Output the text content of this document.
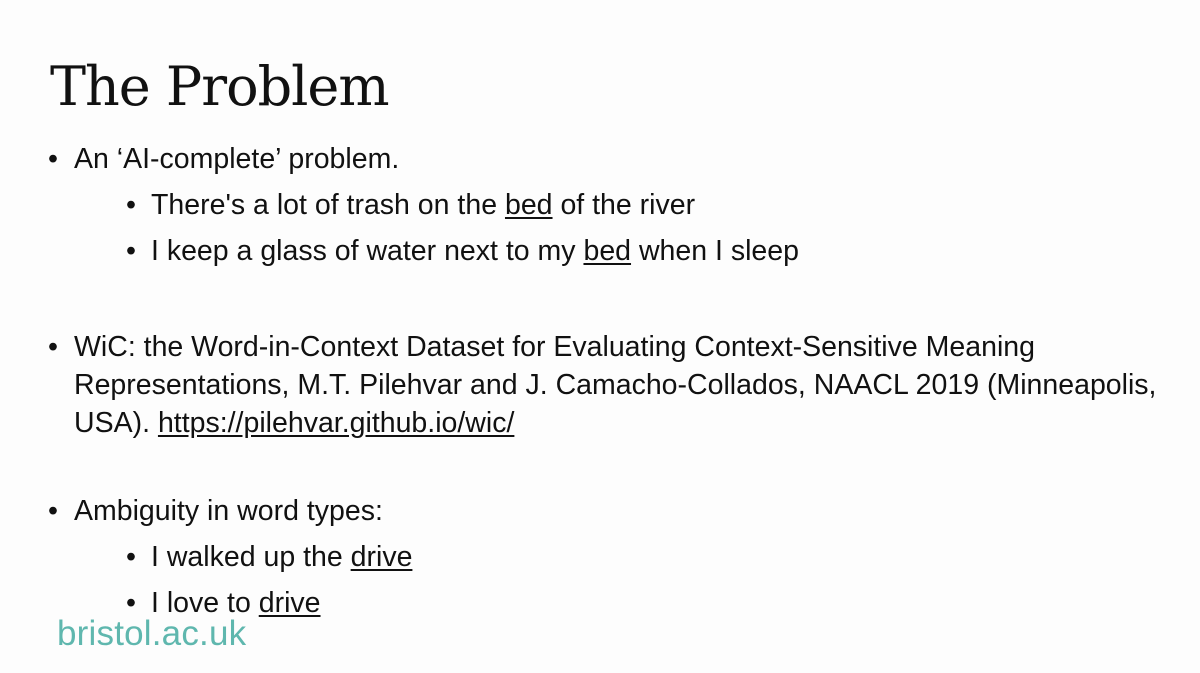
The Problem
• An ‘AI-complete’ problem.
• There's a lot of trash on the bed of the river
• I keep a glass of water next to my bed when I sleep
• WiC: the Word-in-Context Dataset for Evaluating Context-Sensitive Meaning Representations, M.T. Pilehvar and J. Camacho-Collados, NAACL 2019 (Minneapolis, USA). https://pilehvar.github.io/wic/
• Ambiguity in word types:
• I walked up the drive
• I love to drive
bristol.ac.uk
